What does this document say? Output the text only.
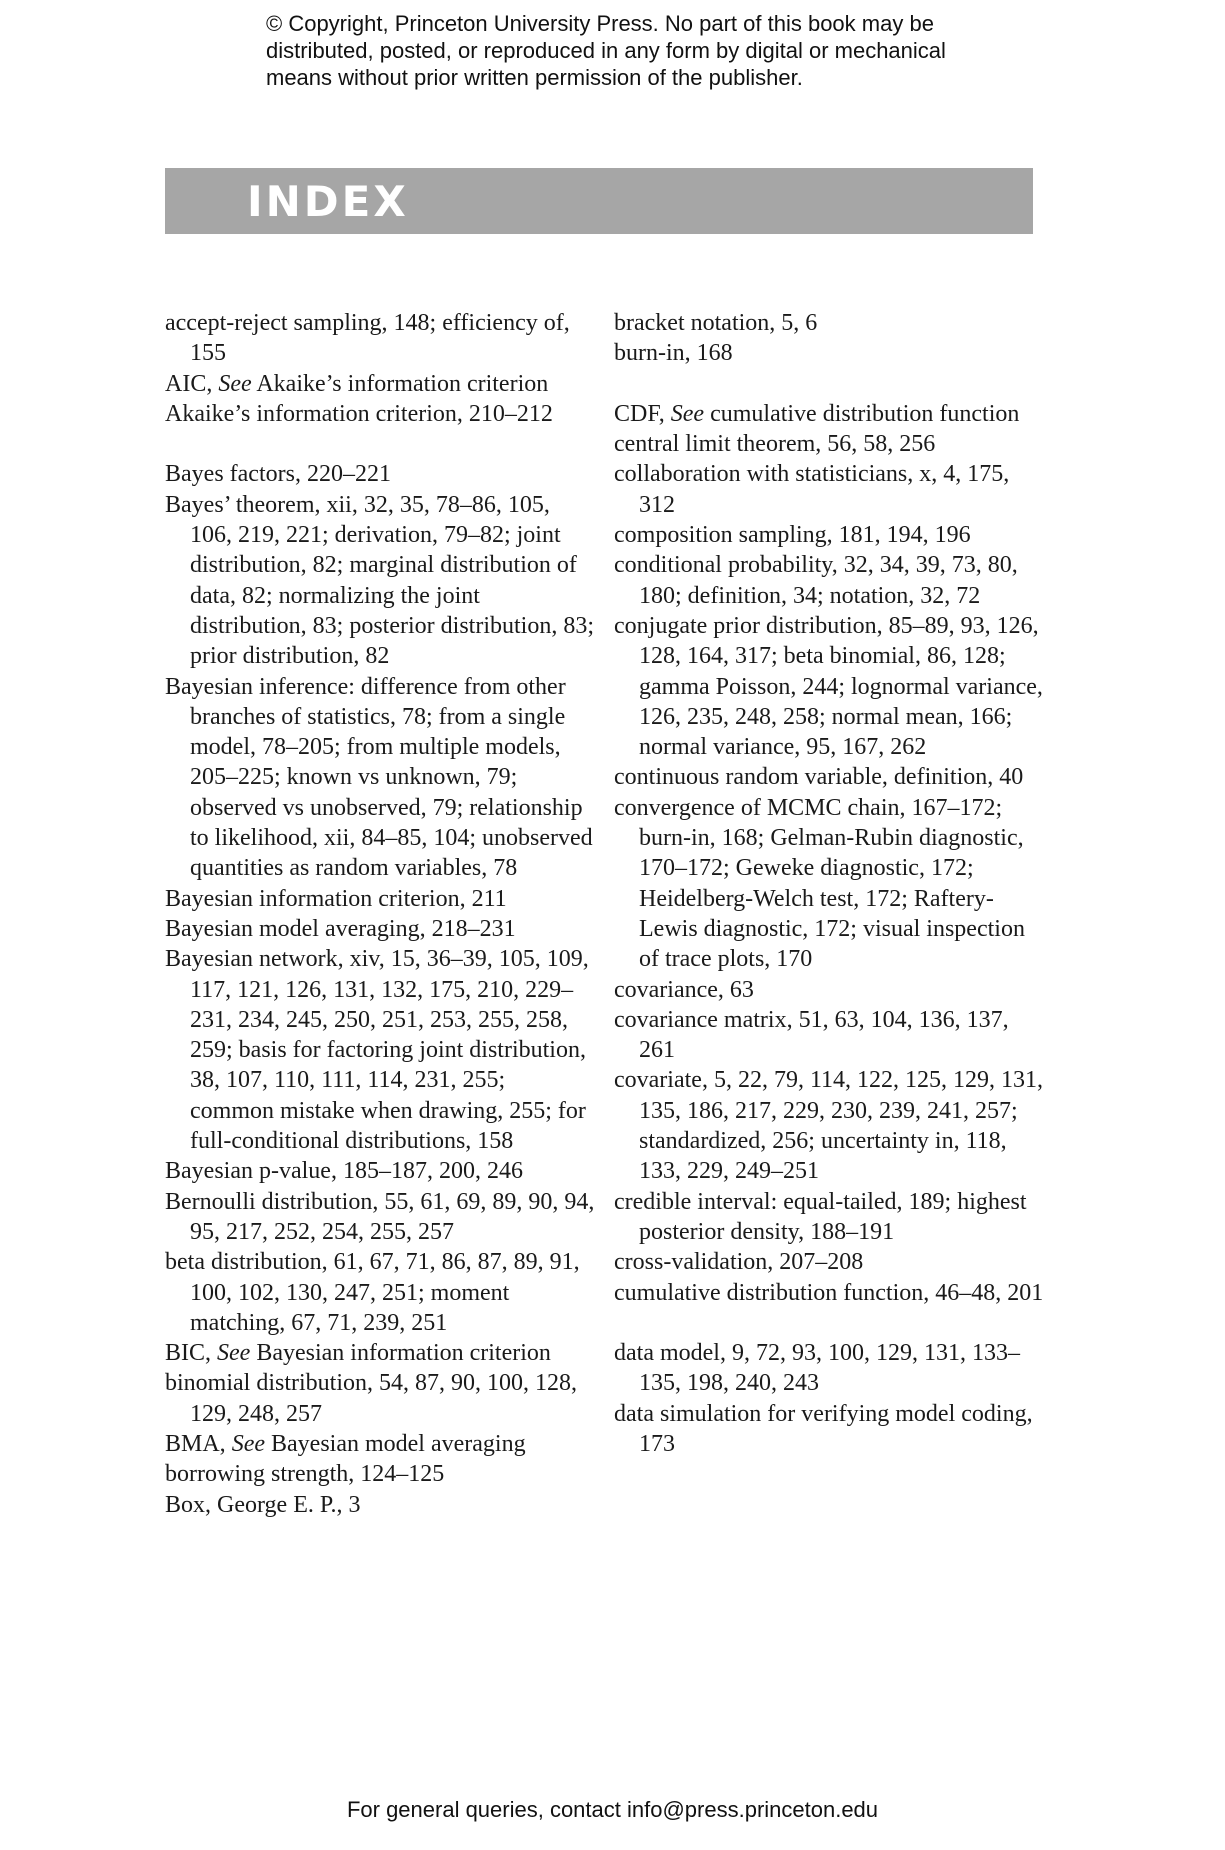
© Copyright, Princeton University Press. No part of this book may be
distributed, posted, or reproduced in any form by digital or mechanical
means without prior written permission of the publisher.
INDEX

accept-reject sampling, 148; efficiency of, 155

AIC, See Akaike’s information criterion

Akaike’s information criterion, 210–212

Bayes factors, 220–221

Bayes’ theorem, xii, 32, 35, 78–86, 105, 106, 219, 221; derivation, 79–82; joint distribution, 82; marginal distribution of data, 82; normalizing the joint distribution, 83; posterior distribution, 83; prior distribution, 82

Bayesian inference: difference from other branches of statistics, 78; from a single model, 78–205; from multiple models, 205–225; known vs unknown, 79; observed vs unobserved, 79; relationship to likelihood, xii, 84–85, 104; unobserved quantities as random variables, 78

Bayesian information criterion, 211

Bayesian model averaging, 218–231

Bayesian network, xiv, 15, 36–39, 105, 109, 117, 121, 126, 131, 132, 175, 210, 229–231, 234, 245, 250, 251, 253, 255, 258, 259; basis for factoring joint distribution, 38, 107, 110, 111, 114, 231, 255; common mistake when drawing, 255; for full-conditional distributions, 158

Bayesian p-value, 185–187, 200, 246

Bernoulli distribution, 55, 61, 69, 89, 90, 94, 95, 217, 252, 254, 255, 257

beta distribution, 61, 67, 71, 86, 87, 89, 91, 100, 102, 130, 247, 251; moment matching, 67, 71, 239, 251

BIC, See Bayesian information criterion

binomial distribution, 54, 87, 90, 100, 128, 129, 248, 257

BMA, See Bayesian model averaging

borrowing strength, 124–125

Box, George E. P., 3

bracket notation, 5, 6

burn-in, 168

CDF, See cumulative distribution function

central limit theorem, 56, 58, 256

collaboration with statisticians, x, 4, 175, 312

composition sampling, 181, 194, 196

conditional probability, 32, 34, 39, 73, 80, 180; definition, 34; notation, 32, 72

conjugate prior distribution, 85–89, 93, 126, 128, 164, 317; beta binomial, 86, 128; gamma Poisson, 244; lognormal variance, 126, 235, 248, 258; normal mean, 166; normal variance, 95, 167, 262

continuous random variable, definition, 40

convergence of MCMC chain, 167–172; burn-in, 168; Gelman-Rubin diagnostic, 170–172; Geweke diagnostic, 172; Heidelberg-Welch test, 172; Raftery-Lewis diagnostic, 172; visual inspection of trace plots, 170

covariance, 63

covariance matrix, 51, 63, 104, 136, 137, 261

covariate, 5, 22, 79, 114, 122, 125, 129, 131, 135, 186, 217, 229, 230, 239, 241, 257; standardized, 256; uncertainty in, 118, 133, 229, 249–251

credible interval: equal-tailed, 189; highest posterior density, 188–191

cross-validation, 207–208

cumulative distribution function, 46–48, 201

data model, 9, 72, 93, 100, 129, 131, 133–135, 198, 240, 243

data simulation for verifying model coding, 173

For general queries, contact info@press.princeton.edu
